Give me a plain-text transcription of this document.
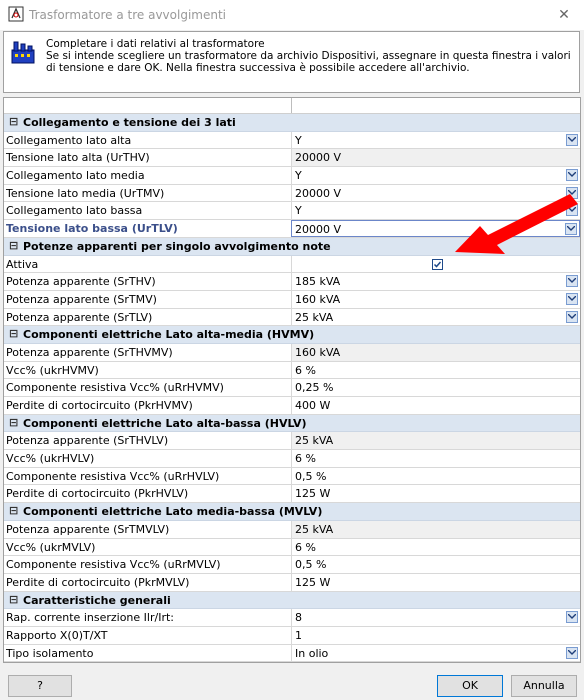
Trasformatore a tre avvolgimenti	✕
Completare i dati relativi al trasformatore
Se si intende scegliere un trasformatore da archivio Dispositivi, assegnare in questa finestra i valori di tensione e dare OK. Nella finestra successiva è possibile accedere all'archivio.
⊟ Collegamento e tensione dei 3 lati
Collegamento lato alta	Y
Tensione lato alta (UrTHV)	20000 V
Collegamento lato media	Y
Tensione lato media (UrTMV)	20000 V
Collegamento lato bassa	Y
Tensione lato bassa (UrTLV)	20000 V
⊟ Potenze apparenti per singolo avvolgimento note
Attiva
Potenza apparente (SrTHV)	185 kVA
Potenza apparente (SrTMV)	160 kVA
Potenza apparente (SrTLV)	25 kVA
⊟ Componenti elettriche Lato alta-media (HVMV)
Potenza apparente (SrTHVMV)	160 kVA
Vcc% (ukrHVMV)	6 %
Componente resistiva Vcc% (uRrHVMV)	0,25 %
Perdite di cortocircuito (PkrHVMV)	400 W
⊟ Componenti elettriche Lato alta-bassa (HVLV)
Potenza apparente (SrTHVLV)	25 kVA
Vcc% (ukrHVLV)	6 %
Componente resistiva Vcc% (uRrHVLV)	0,5 %
Perdite di cortocircuito (PkrHVLV)	125 W
⊟ Componenti elettriche Lato media-bassa (MVLV)
Potenza apparente (SrTMVLV)	25 kVA
Vcc% (ukrMVLV)	6 %
Componente resistiva Vcc% (uRrMVLV)	0,5 %
Perdite di cortocircuito (PkrMVLV)	125 W
⊟ Caratteristiche generali
Rap. corrente inserzione Ilr/Irt:	8
Rapporto X(0)T/XT	1
Tipo isolamento	In olio
?	OK	Annulla
